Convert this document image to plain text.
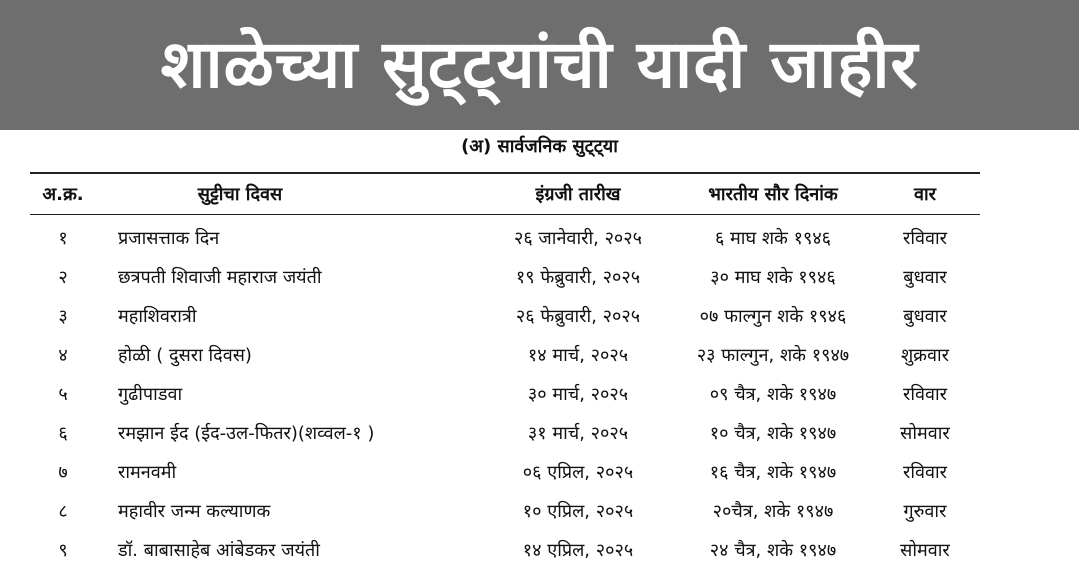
शाळेच्या सुट्ट्यांची यादी जाहीर
(अ) सार्वजनिक सुट्ट्या
अ.क्र.	सुट्टीचा दिवस	इंग्रजी तारीख	भारतीय सौर दिनांक	वार
१	प्रजासत्ताक दिन	२६ जानेवारी, २०२५	६ माघ शके १९४६	रविवार
२	छत्रपती शिवाजी महाराज जयंती	१९ फेब्रुवारी, २०२५	३० माघ शके १९४६	बुधवार
३	महाशिवरात्री	२६ फेब्रुवारी, २०२५	०७ फाल्गुन शके १९४६	बुधवार
४	होळी ( दुसरा दिवस)	१४ मार्च, २०२५	२३ फाल्गुन, शके १९४७	शुक्रवार
५	गुढीपाडवा	३० मार्च, २०२५	०९ चैत्र, शके १९४७	रविवार
६	रमझान ईद (ईद-उल-फितर)(शव्वल-१ )	३१ मार्च, २०२५	१० चैत्र, शके १९४७	सोमवार
७	रामनवमी	०६ एप्रिल, २०२५	१६ चैत्र, शके १९४७	रविवार
८	महावीर जन्म कल्याणक	१० एप्रिल, २०२५	२०चैत्र, शके १९४७	गुरुवार
९	डॉ. बाबासाहेब आंबेडकर जयंती	१४ एप्रिल, २०२५	२४ चैत्र, शके १९४७	सोमवार
